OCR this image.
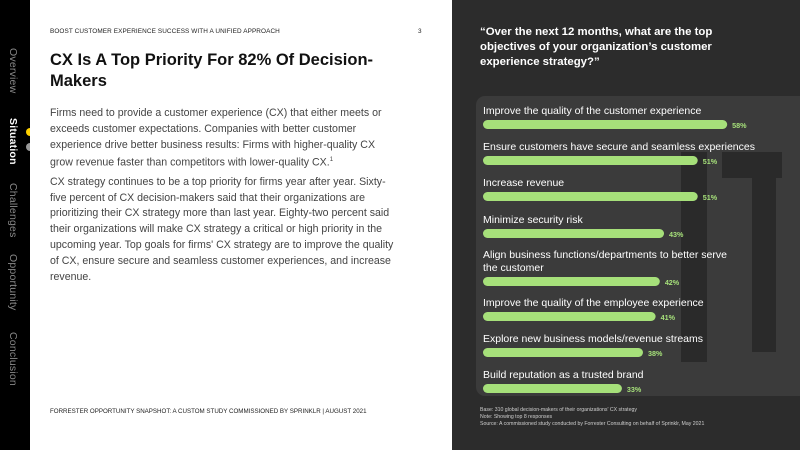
Overview
Situation
Challenges
Opportunity
Conclusion
BOOST CUSTOMER EXPERIENCE SUCCESS WITH A UNIFIED APPROACH	3
CX Is A Top Priority For 82% Of Decision-Makers

Firms need to provide a customer experience (CX) that either meets or exceeds customer expectations. Companies with better customer experience drive better business results: Firms with higher-quality CX grow revenue faster than competitors with lower-quality CX.$^1$

CX strategy continues to be a top priority for firms year after year. Sixty-five percent of CX decision-makers said that their organizations are prioritizing their CX strategy more than last year. Eighty-two percent said their organizations will make CX strategy a critical or high priority in the upcoming year. Top goals for firms' CX strategy are to improve the quality of CX, ensure secure and seamless customer experiences, and increase revenue.

FORRESTER OPPORTUNITY SNAPSHOT: A CUSTOM STUDY COMMISSIONED BY SPRINKLR | AUGUST 2021
“Over the next 12 months, what are the top objectives of your organization’s customer experience strategy?”
Improve the quality of the customer experience
58%
Ensure customers have secure and seamless experiences
51%
Increase revenue
51%
Minimize security risk
43%
Align business functions/departments to better serve the customer
42%
Improve the quality of the employee experience
41%
Explore new business models/revenue streams
38%
Build reputation as a trusted brand
33%
Base: 310 global decision-makers of their organizations' CX strategy
Note: Showing top 8 responses
Source: A commissioned study conducted by Forrester Consulting on behalf of Sprinklr, May 2021
